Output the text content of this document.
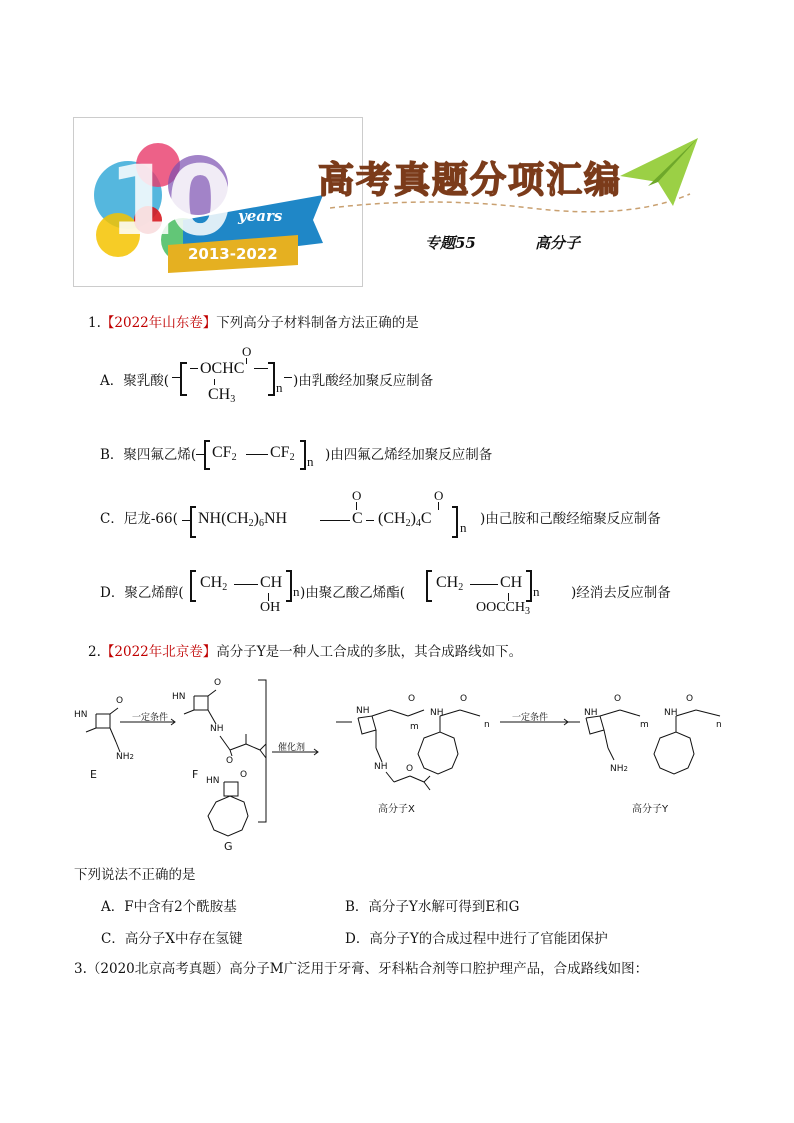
10 years
2013-2022
高考真题分项汇编
专题55	高分子
1.【2022年山东卷】下列高分子材料制备方法正确的是
A．聚乳酸(
OCHC
O
$CH_3$
n )由乳酸经加聚反应制备
B．聚四氟乙烯( $CF_2$ $CF_2$ n )由四氟乙烯经加聚反应制备
C．尼龙-66( $NH(CH_2)_6NH$
O
C $(CH_2)_4C$
O
n
)由己胺和己酸经缩聚反应制备
D．聚乙烯醇(
$CH_2$ CH
OH
n )由聚乙酸乙烯酯(
$CH_2$ CH
$OOCCH_3$
n )经消去反应制备
2.【2022年北京卷】高分子Y是一种人工合成的多肽，其合成路线如下。
HN
O
NH2
E
一定条件
HN
O
NH
O
F HN
O
G
催化剂
NH
O
m
NH
O
n
NH O
高分子X
一定条件	NH
O
m
NH
O
n
NH2
高分子Y
下列说法不正确的是
A．F中含有2个酰胺基	B．高分子Y水解可得到E和G
C．高分子X中存在氢键	D．高分子Y的合成过程中进行了官能团保护
3.（2020北京高考真题）高分子M广泛用于牙膏、牙科粘合剂等口腔护理产品，合成路线如图：
